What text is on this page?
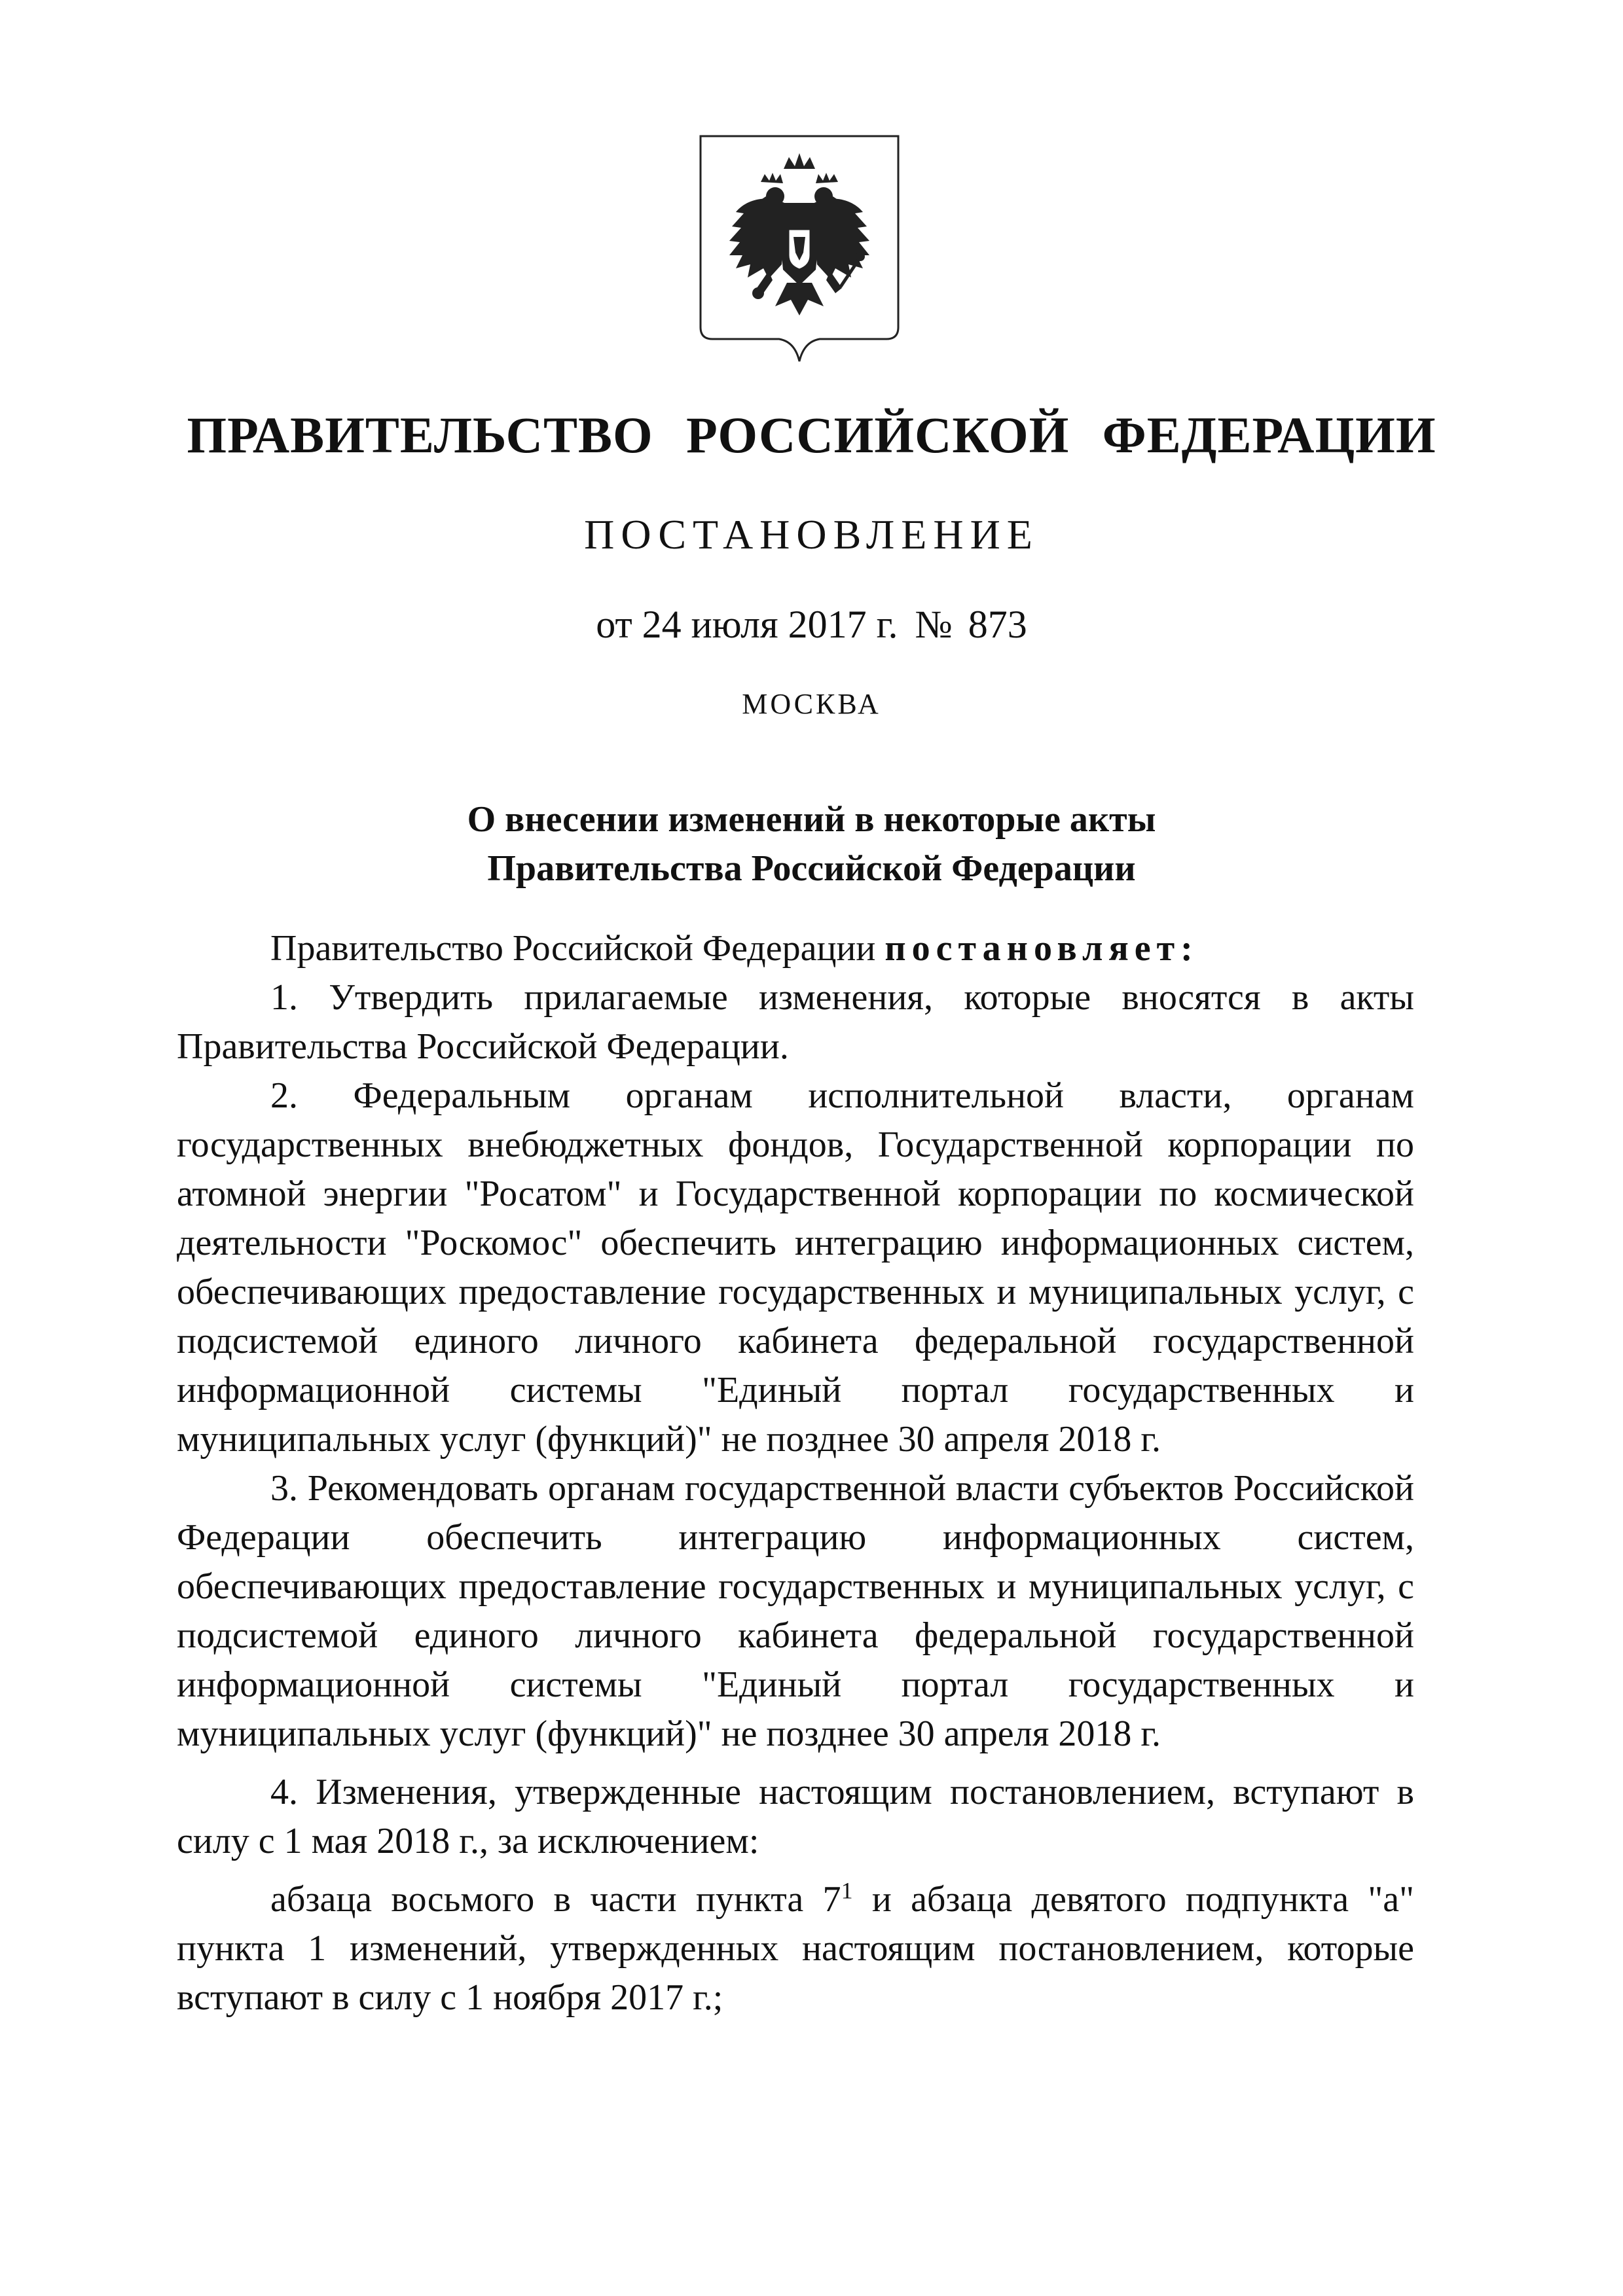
ПРАВИТЕЛЬСТВО РОССИЙСКОЙ ФЕДЕРАЦИИ
ПОСТАНОВЛЕНИЕ
от 24 июля 2017 г. № 873
МОСКВА
О внесении изменений в некоторые акты
Правительства Российской Федерации

Правительство Российской Федерации постановляет:

1. Утвердить прилагаемые изменения, которые вносятся в акты Правительства Российской Федерации.

2. Федеральным органам исполнительной власти, органам государственных внебюджетных фондов, Государственной корпорации по атомной энергии "Росатом" и Государственной корпорации по космической деятельности "Роскомос" обеспечить интеграцию информационных систем, обеспечивающих предоставление государственных и муниципальных услуг, с подсистемой единого личного кабинета федеральной государственной информационной системы "Единый портал государственных и муниципальных услуг (функций)" не позднее 30 апреля 2018 г.

3. Рекомендовать органам государственной власти субъектов Российской Федерации обеспечить интеграцию информационных систем, обеспечивающих предоставление государственных и муниципальных услуг, с подсистемой единого личного кабинета федеральной государственной информационной системы "Единый портал государственных и муниципальных услуг (функций)" не позднее 30 апреля 2018 г.

4. Изменения, утвержденные настоящим постановлением, вступают в силу с 1 мая 2018 г., за исключением:

абзаца восьмого в части пункта $7^1$ и абзаца девятого подпункта "а" пункта 1 изменений, утвержденных настоящим постановлением, которые вступают в силу с 1 ноября 2017 г.;
